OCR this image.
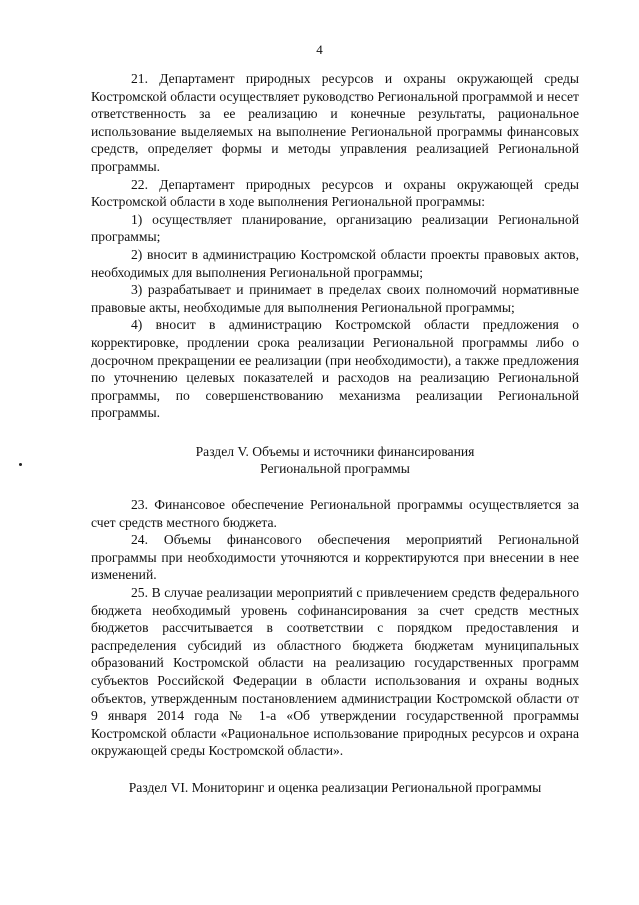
4

21. Департамент природных ресурсов и охраны окружающей среды Костромской области осуществляет руководство Региональной программой и несет ответственность за ее реализацию и конечные результаты, рациональное использование выделяемых на выполнение Региональной программы финансовых средств, определяет формы и методы управления реализацией Региональной программы.

22. Департамент природных ресурсов и охраны окружающей среды Костромской области в ходе выполнения Региональной программы:

1) осуществляет планирование, организацию реализации Региональной программы;

2) вносит в администрацию Костромской области проекты правовых актов, необходимых для выполнения Региональной программы;

3) разрабатывает и принимает в пределах своих полномочий нормативные правовые акты, необходимые для выполнения Региональной программы;

4) вносит в администрацию Костромской области предложения о корректировке, продлении срока реализации Региональной программы либо о досрочном прекращении ее реализации (при необходимости), а также предложения по уточнению целевых показателей и расходов на реализацию Региональной программы, по совершенствованию механизма реализации Региональной программы.

Раздел V. Объемы и источники финансирования

Региональной программы

23. Финансовое обеспечение Региональной программы осуществляется за счет средств местного бюджета.

24. Объемы финансового обеспечения мероприятий Региональной программы при необходимости уточняются и корректируются при внесении в нее изменений.

25. В случае реализации мероприятий с привлечением средств федерального бюджета необходимый уровень софинансирования за счет средств местных бюджетов рассчитывается в соответствии с порядком предоставления и распределения субсидий из областного бюджета бюджетам муниципальных образований Костромской области на реализацию государственных программ субъектов Российской Федерации в области использования и охраны водных объектов, утвержденным постановлением администрации Костромской области от 9 января 2014 года № 1-а «Об утверждении государственной программы Костромской области «Рациональное использование природных ресурсов и охрана окружающей среды Костромской области».

Раздел VI. Мониторинг и оценка реализации Региональной программы
